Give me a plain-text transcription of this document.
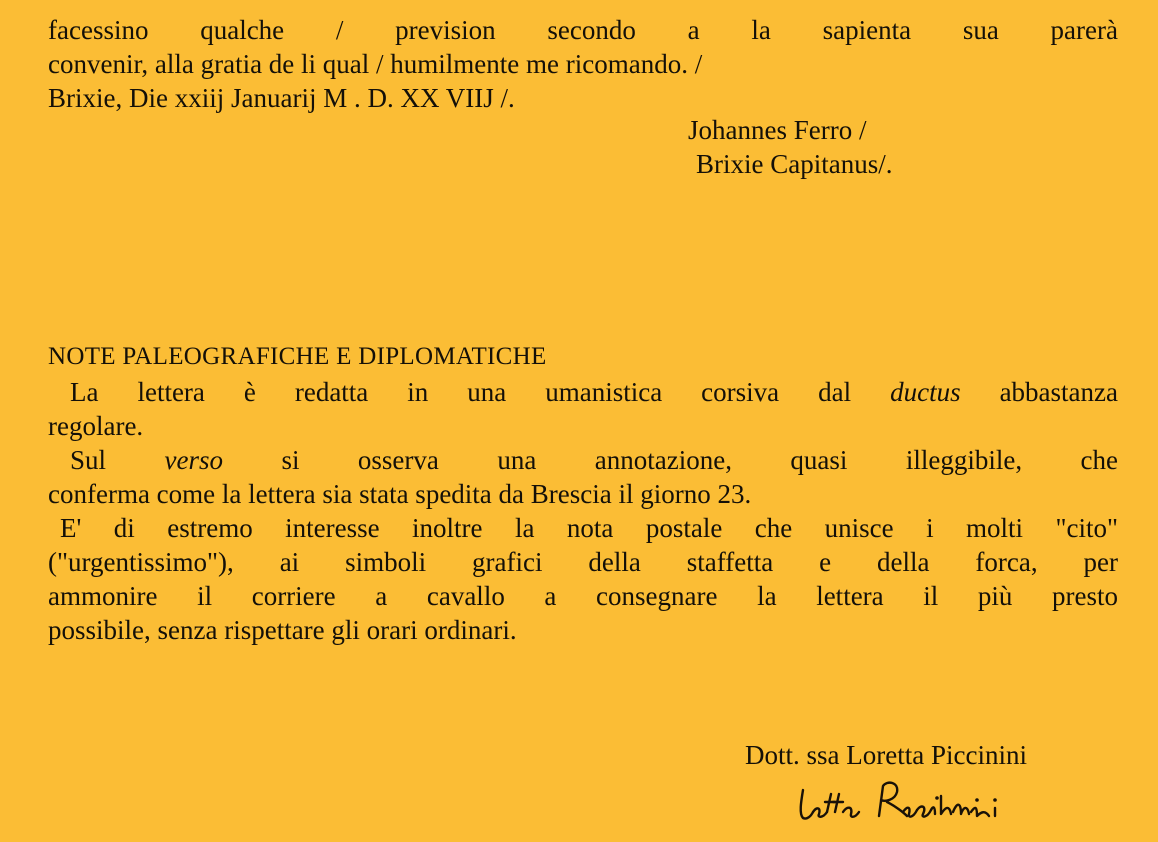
facessino qualche / prevision secondo a la sapienta sua parerà
convenir, alla gratia de li qual / humilmente me ricomando. /
Brixie, Die xxiij Januarij M . D. XX VIIJ /.
Johannes Ferro /
Brixie Capitanus/.
NOTE PALEOGRAFICHE E DIPLOMATICHE
La lettera è redatta in una umanistica corsiva dal ductus abbastanza
regolare.
Sul verso si osserva una annotazione, quasi illeggibile, che
conferma come la lettera sia stata spedita da Brescia il giorno 23.
E' di estremo interesse inoltre la nota postale che unisce i molti "cito"
("urgentissimo"), ai simboli grafici della staffetta e della forca, per
ammonire il corriere a cavallo a consegnare la lettera il più presto
possibile, senza rispettare gli orari ordinari.
Dott. ssa Loretta Piccinini
